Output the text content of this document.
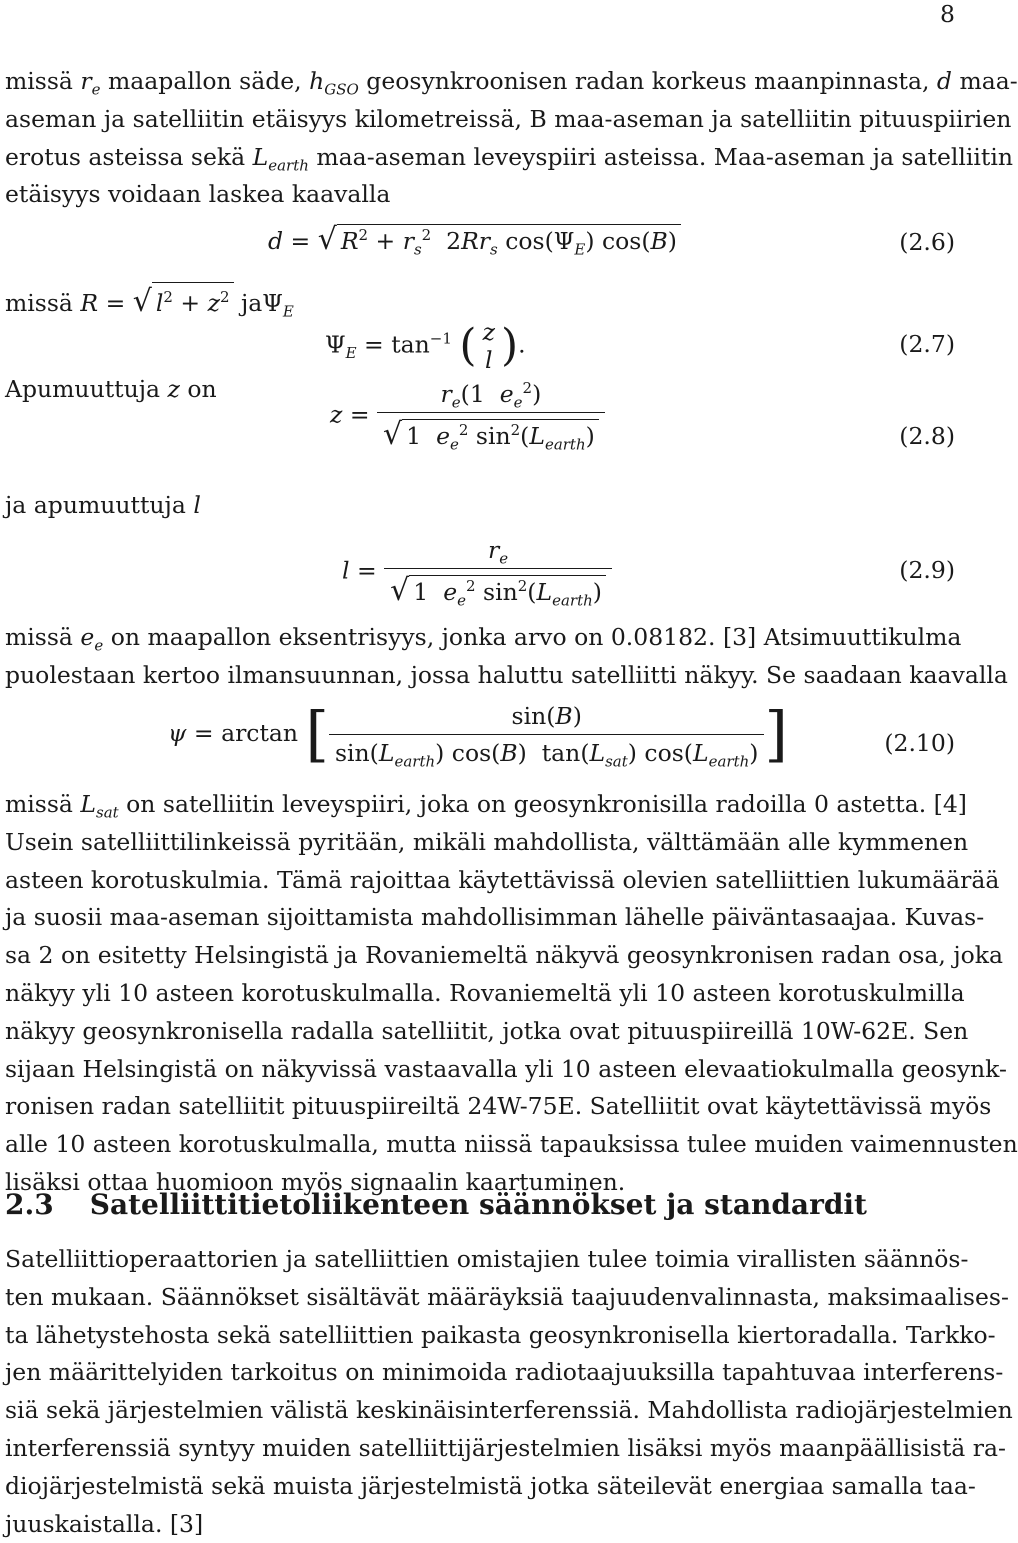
8
missä $r_e$ maapallon säde, $h_{GSO}$ geosynkroonisen radan korkeus maanpinnasta, d maa-
aseman ja satelliitin etäisyys kilometreissä, B maa-aseman ja satelliitin pituuspiirien
erotus asteissa sekä $L_{earth}$ maa-aseman leveyspiiri asteissa. Maa-aseman ja satelliitin
etäisyys voidaan laskea kaavalla
d = √ $R^2 + r_s^2$  $2Rr_s$ $\cos(\Psi_E)$ cos(B)	(2.6)
missä R = √ $l^2 + z^2$ jaΨ$_E$
$\Psi_E = \tan^{-1}$ ( z
l ).	(2.7)
Apumuuttuja z on
$z = \frac{r_e(1 e_e^2)}{√ 1 e_e^2 \sin^2(L_{earth})}$	(2.8)
ja apumuuttuja l
$l = \frac{r_e}{√ 1 e_e^2 \sin^2(L_{earth})}$	(2.9)
missä $e_e$ on maapallon eksentrisyys, jonka arvo on 0.08182. [3] Atsimuuttikulma
puolestaan kertoo ilmansuunnan, jossa haluttu satelliitti näkyy. Se saadaan kaavalla
ψ = arctan [ $\frac{\sin(B)}{\sin(L_{earth}) \cos(B) \tan(L_{sat}) \cos(L_{earth})}$ ]	(2.10)
missä $L_{sat}$ on satelliitin leveyspiiri, joka on geosynkronisilla radoilla 0 astetta. [4]
Usein satelliittilinkeissä pyritään, mikäli mahdollista, välttämään alle kymmenen
asteen korotuskulmia. Tämä rajoittaa käytettävissä olevien satelliittien lukumäärää
ja suosii maa-aseman sijoittamista mahdollisimman lähelle päiväntasaajaa. Kuvas-
sa 2 on esitetty Helsingistä ja Rovaniemeltä näkyvä geosynkronisen radan osa, joka
näkyy yli 10 asteen korotuskulmalla. Rovaniemeltä yli 10 asteen korotuskulmilla
näkyy geosynkronisella radalla satelliitit, jotka ovat pituuspiireillä 10W-62E. Sen
sijaan Helsingistä on näkyvissä vastaavalla yli 10 asteen elevaatiokulmalla geosynk-
ronisen radan satelliitit pituuspiireiltä 24W-75E. Satelliitit ovat käytettävissä myös
alle 10 asteen korotuskulmalla, mutta niissä tapauksissa tulee muiden vaimennusten
lisäksi ottaa huomioon myös signaalin kaartuminen.
2.3 Satelliittitietoliikenteen säännökset ja standardit
Satelliittioperaattorien ja satelliittien omistajien tulee toimia virallisten säännös-
ten mukaan. Säännökset sisältävät määräyksiä taajuudenvalinnasta, maksimaalises-
ta lähetystehosta sekä satelliittien paikasta geosynkronisella kiertoradalla. Tarkko-
jen määrittelyiden tarkoitus on minimoida radiotaajuuksilla tapahtuvaa interferens-
siä sekä järjestelmien välistä keskinäisinterferenssiä. Mahdollista radiojärjestelmien
interferenssiä syntyy muiden satelliittijärjestelmien lisäksi myös maanpäällisistä ra-
diojärjestelmistä sekä muista järjestelmistä jotka säteilevät energiaa samalla taa-
juuskaistalla. [3]
